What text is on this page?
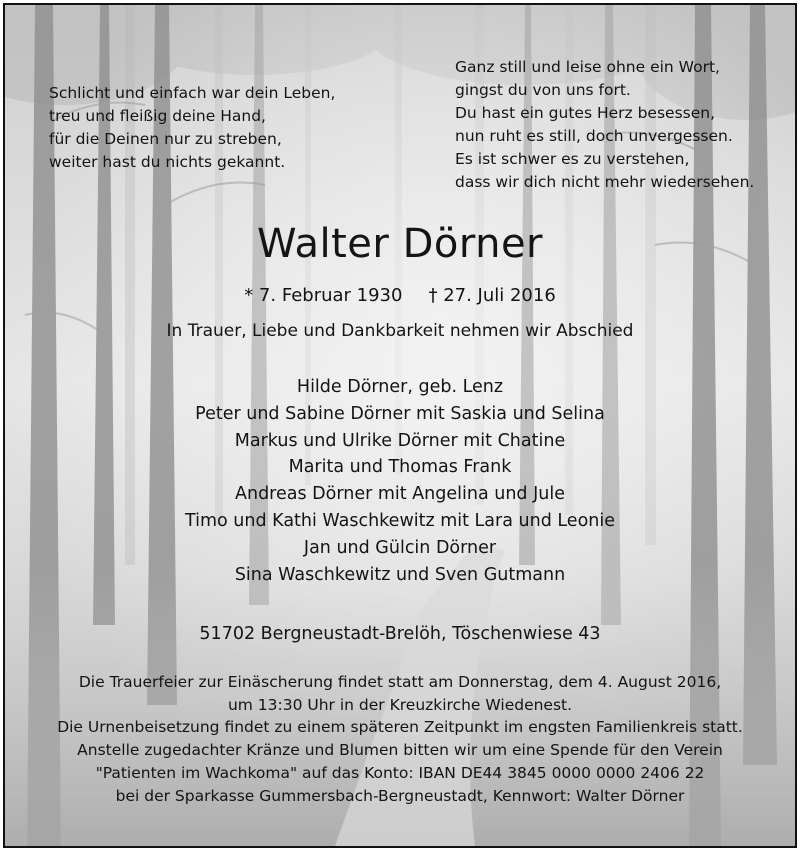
Schlicht und einfach war dein Leben,
treu und fleißig deine Hand,
für die Deinen nur zu streben,
weiter hast du nichts gekannt.
Ganz still und leise ohne ein Wort,
gingst du von uns fort.
Du hast ein gutes Herz besessen,
nun ruht es still, doch unvergessen.
Es ist schwer es zu verstehen,
dass wir dich nicht mehr wiedersehen.
Walter Dörner
* 7. Februar 1930 † 27. Juli 2016
In Trauer, Liebe und Dankbarkeit nehmen wir Abschied
Hilde Dörner, geb. Lenz
Peter und Sabine Dörner mit Saskia und Selina
Markus und Ulrike Dörner mit Chatine
Marita und Thomas Frank
Andreas Dörner mit Angelina und Jule
Timo und Kathi Waschkewitz mit Lara und Leonie
Jan und Gülcin Dörner
Sina Waschkewitz und Sven Gutmann
51702 Bergneustadt-Brelöh, Töschenwiese 43
Die Trauerfeier zur Einäscherung findet statt am Donnerstag, dem 4. August 2016,
um 13:30 Uhr in der Kreuzkirche Wiedenest.
Die Urnenbeisetzung findet zu einem späteren Zeitpunkt im engsten Familienkreis statt.
Anstelle zugedachter Kränze und Blumen bitten wir um eine Spende für den Verein
"Patienten im Wachkoma" auf das Konto: IBAN DE44 3845 0000 0000 2406 22
bei der Sparkasse Gummersbach-Bergneustadt, Kennwort: Walter Dörner
